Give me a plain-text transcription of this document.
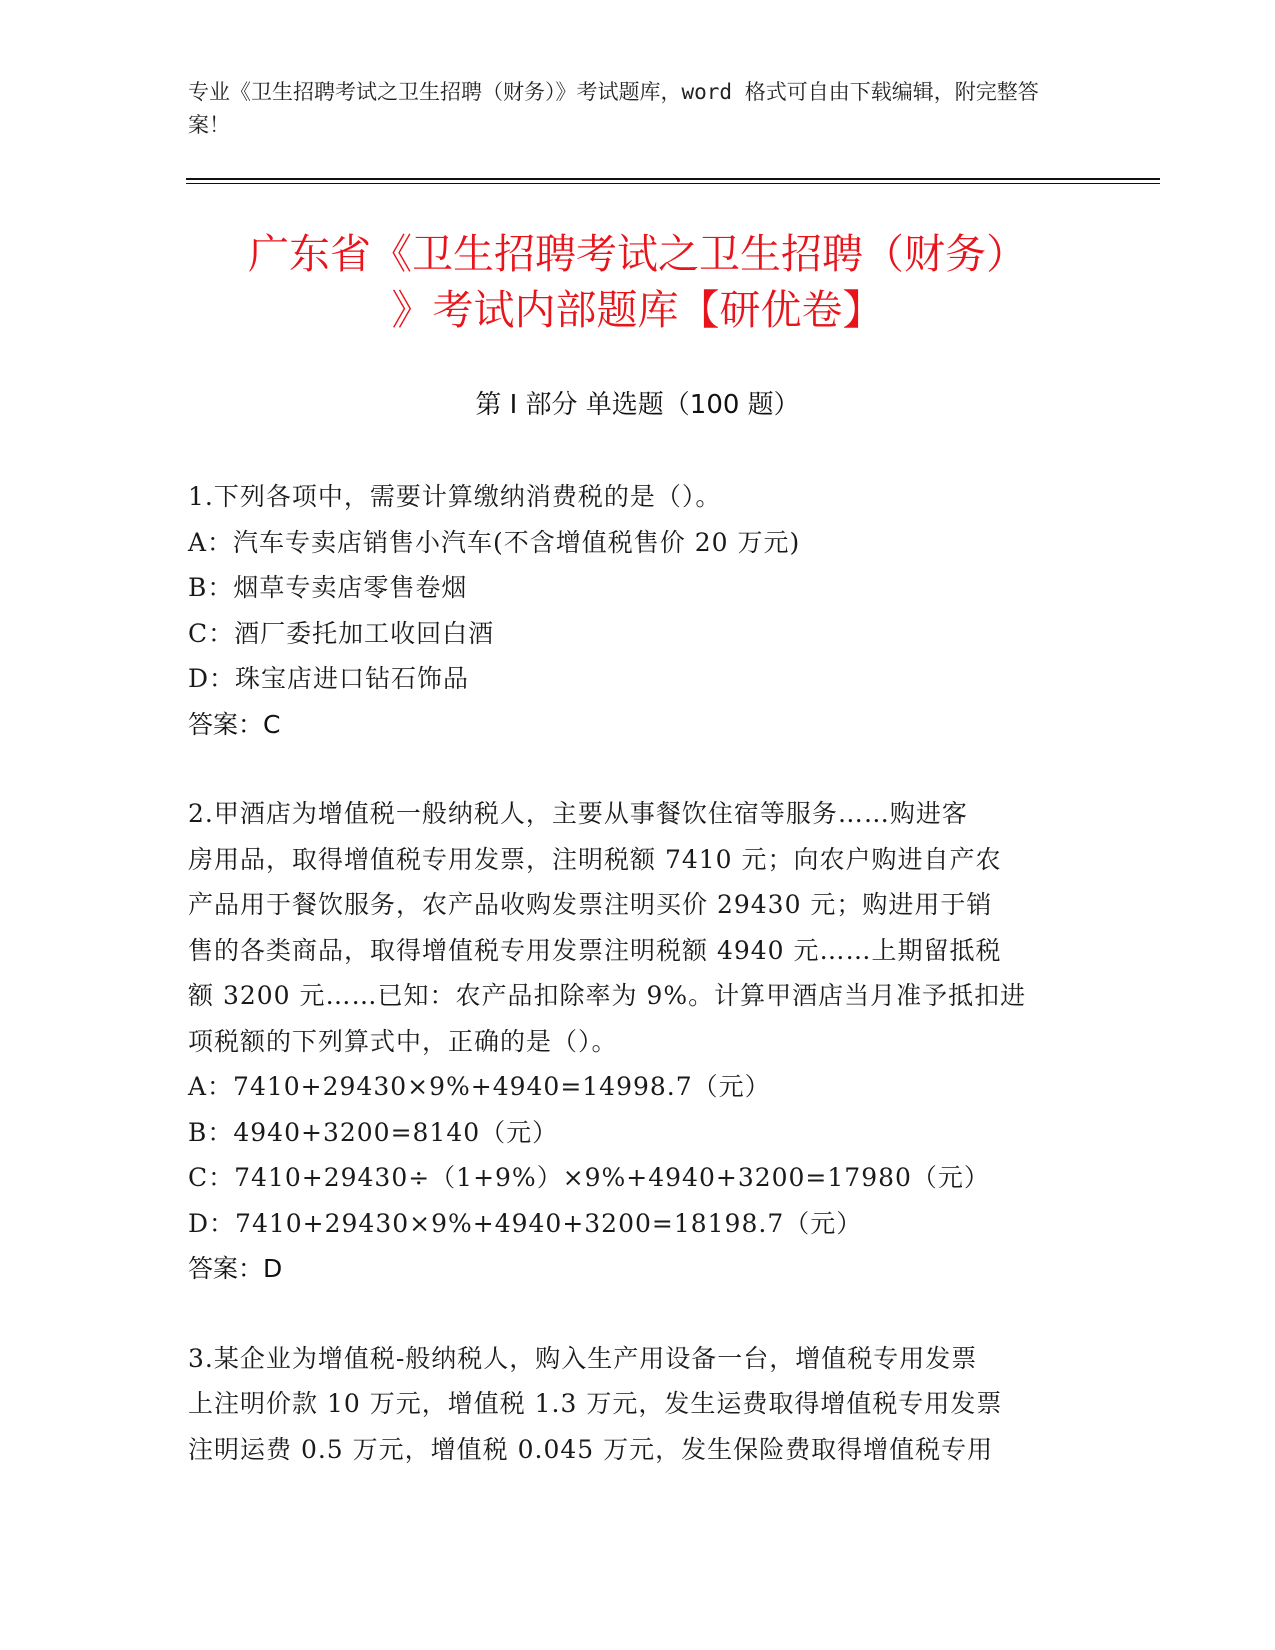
专业《卫生招聘考试之卫生招聘（财务）》考试题库，word 格式可自由下载编辑，附完整答案！
广东省《卫生招聘考试之卫生招聘（财务）
》考试内部题库【研优卷】
第 I 部分 单选题（100 题）
1.下列各项中，需要计算缴纳消费税的是（）。
A：汽车专卖店销售小汽车(不含增值税售价 20 万元)
B：烟草专卖店零售卷烟
C：酒厂委托加工收回白酒
D：珠宝店进口钻石饰品
答案：C
2.甲酒店为增值税一般纳税人，主要从事餐饮住宿等服务……购进客
房用品，取得增值税专用发票，注明税额 7410 元；向农户购进自产农
产品用于餐饮服务，农产品收购发票注明买价 29430 元；购进用于销
售的各类商品，取得增值税专用发票注明税额 4940 元……上期留抵税
额 3200 元……已知：农产品扣除率为 9%。计算甲酒店当月准予抵扣进
项税额的下列算式中，正确的是（）。
A：7410+29430×9%+4940=14998.7（元）
B：4940+3200=8140（元）
C：7410+29430÷（1+9%）×9%+4940+3200=17980（元）
D：7410+29430×9%+4940+3200=18198.7（元）
答案：D
3.某企业为增值税-般纳税人，购入生产用设备一台，增值税专用发票
上注明价款 10 万元，增值税 1.3 万元，发生运费取得增值税专用发票
注明运费 0.5 万元，增值税 0.045 万元，发生保险费取得增值税专用
